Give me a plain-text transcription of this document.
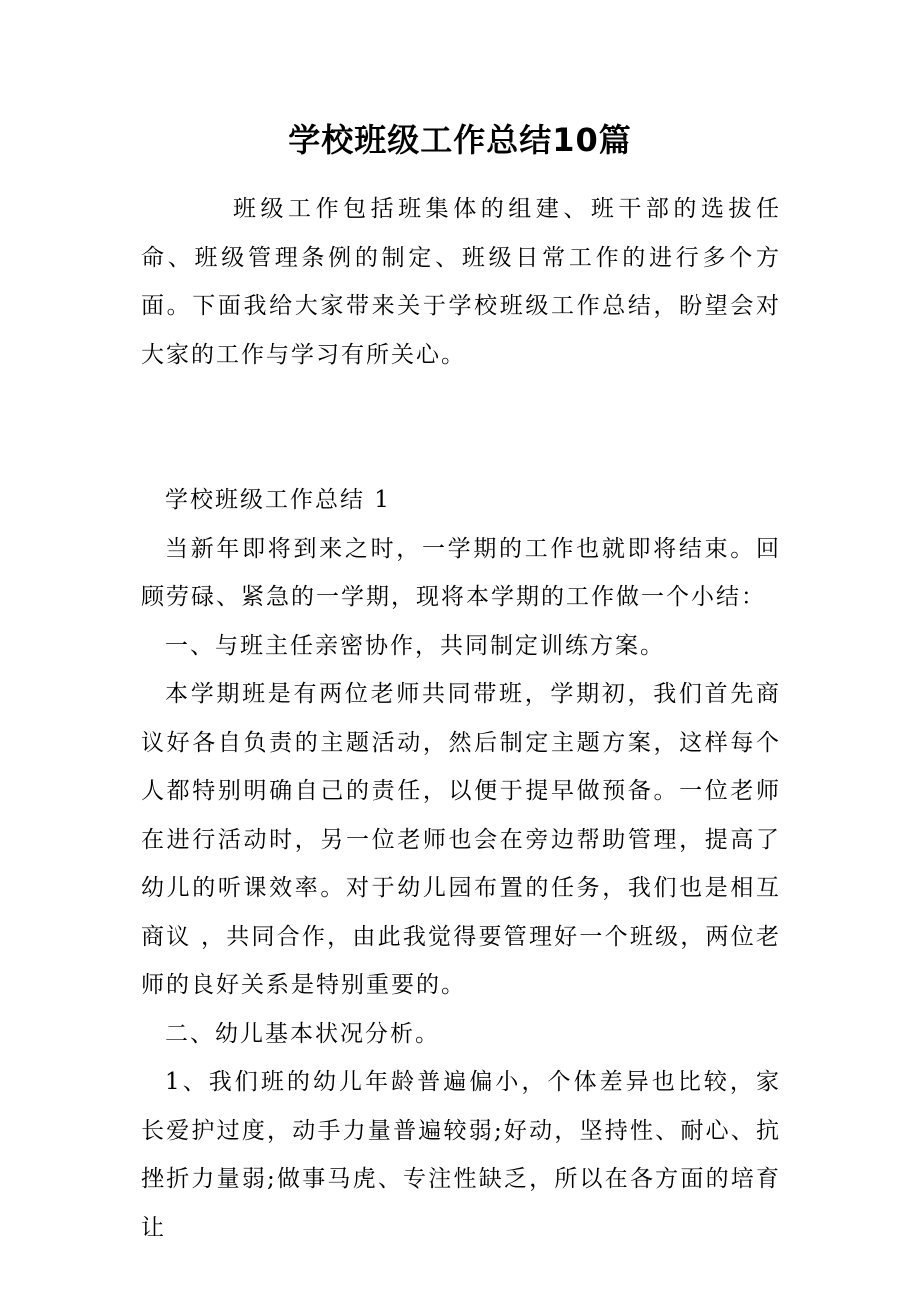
学校班级工作总结10篇

班级工作包括班集体的组建、班干部的选拔任命、班级管理条例的制定、班级日常工作的进行多个方面。下面我给大家带来关于学校班级工作总结，盼望会对大家的工作与学习有所关心。

学校班级工作总结 1

当新年即将到来之时，一学期的工作也就即将结束。回顾劳碌、紧急的一学期，现将本学期的工作做一个小结：

一、与班主任亲密协作，共同制定训练方案。

本学期班是有两位老师共同带班，学期初，我们首先商议好各自负责的主题活动，然后制定主题方案，这样每个人都特别明确自己的责任，以便于提早做预备。一位老师在进行活动时，另一位老师也会在旁边帮助管理，提高了幼儿的听课效率。对于幼儿园布置的任务，我们也是相互商议 ，共同合作，由此我觉得要管理好一个班级，两位老师的良好关系是特别重要的。

二、幼儿基本状况分析。

1、我们班的幼儿年龄普遍偏小，个体差异也比较，家长爱护过度，动手力量普遍较弱;好动，坚持性、耐心、抗挫折力量弱;做事马虎、专注性缺乏，所以在各方面的培育让
